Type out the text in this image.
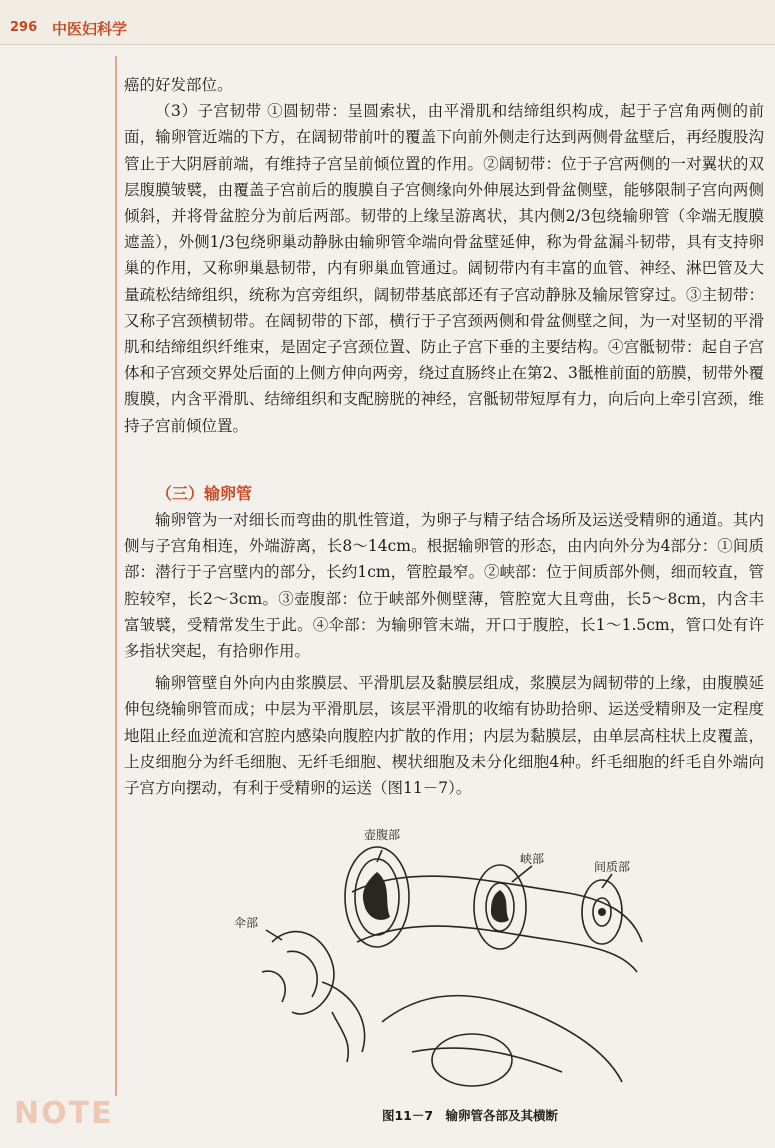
296 中医妇科学

癌的好发部位。

（3）子宫韧带 ①圆韧带：呈圆索状，由平滑肌和结缔组织构成，起于子宫角两侧的前面，输卵管近端的下方，在阔韧带前叶的覆盖下向前外侧走行达到两侧骨盆壁后，再经腹股沟管止于大阴唇前端，有维持子宫呈前倾位置的作用。②阔韧带：位于子宫两侧的一对翼状的双层腹膜皱襞，由覆盖子宫前后的腹膜自子宫侧缘向外伸展达到骨盆侧壁，能够限制子宫向两侧倾斜，并将骨盆腔分为前后两部。韧带的上缘呈游离状，其内侧2/3包绕输卵管（伞端无腹膜遮盖），外侧1/3包绕卵巢动静脉由输卵管伞端向骨盆壁延伸，称为骨盆漏斗韧带，具有支持卵巢的作用，又称卵巢悬韧带，内有卵巢血管通过。阔韧带内有丰富的血管、神经、淋巴管及大量疏松结缔组织，统称为宫旁组织，阔韧带基底部还有子宫动静脉及输尿管穿过。③主韧带：又称子宫颈横韧带。在阔韧带的下部，横行于子宫颈两侧和骨盆侧壁之间，为一对坚韧的平滑肌和结缔组织纤维束，是固定子宫颈位置、防止子宫下垂的主要结构。④宫骶韧带：起自子宫体和子宫颈交界处后面的上侧方伸向两旁，绕过直肠终止在第2、3骶椎前面的筋膜，韧带外覆腹膜，内含平滑肌、结缔组织和支配膀胱的神经，宫骶韧带短厚有力，向后向上牵引宫颈，维持子宫前倾位置。

（三）输卵管

输卵管为一对细长而弯曲的肌性管道，为卵子与精子结合场所及运送受精卵的通道。其内侧与子宫角相连，外端游离，长8～14cm。根据输卵管的形态，由内向外分为4部分：①间质部：潜行于子宫壁内的部分，长约1cm，管腔最窄。②峡部：位于间质部外侧，细而较直，管腔较窄，长2～3cm。③壶腹部：位于峡部外侧壁薄，管腔宽大且弯曲，长5～8cm，内含丰富皱襞，受精常发生于此。④伞部：为输卵管末端，开口于腹腔，长1～1.5cm，管口处有许多指状突起，有拾卵作用。

输卵管壁自外向内由浆膜层、平滑肌层及黏膜层组成，浆膜层为阔韧带的上缘，由腹膜延伸包绕输卵管而成；中层为平滑肌层，该层平滑肌的收缩有协助拾卵、运送受精卵及一定程度地阻止经血逆流和宫腔内感染向腹腔内扩散的作用；内层为黏膜层，由单层高柱状上皮覆盖，上皮细胞分为纤毛细胞、无纤毛细胞、楔状细胞及未分化细胞4种。纤毛细胞的纤毛自外端向子宫方向摆动，有利于受精卵的运送（图11－7）。

壶腹部
峡部
间质部
伞部
图11－7　输卵管各部及其横断
NOTE
